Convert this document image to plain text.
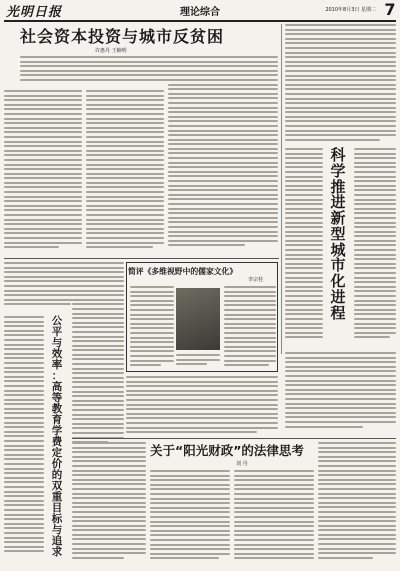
光明日报	理论综合	2010年8月3日 星期二 7
社会资本投资与城市反贫困
许惠丹 王楠明
科
学
推
进
新
型
城
市
化
进
程
公
平
与
效
率
：
高
等
教
育
学
费
定
价
的
双
重
目
标
与
追
求
简评《多维视野中的儒家文化》
李宗桂
关于“阳光财政”的法律思考
刘 丹
